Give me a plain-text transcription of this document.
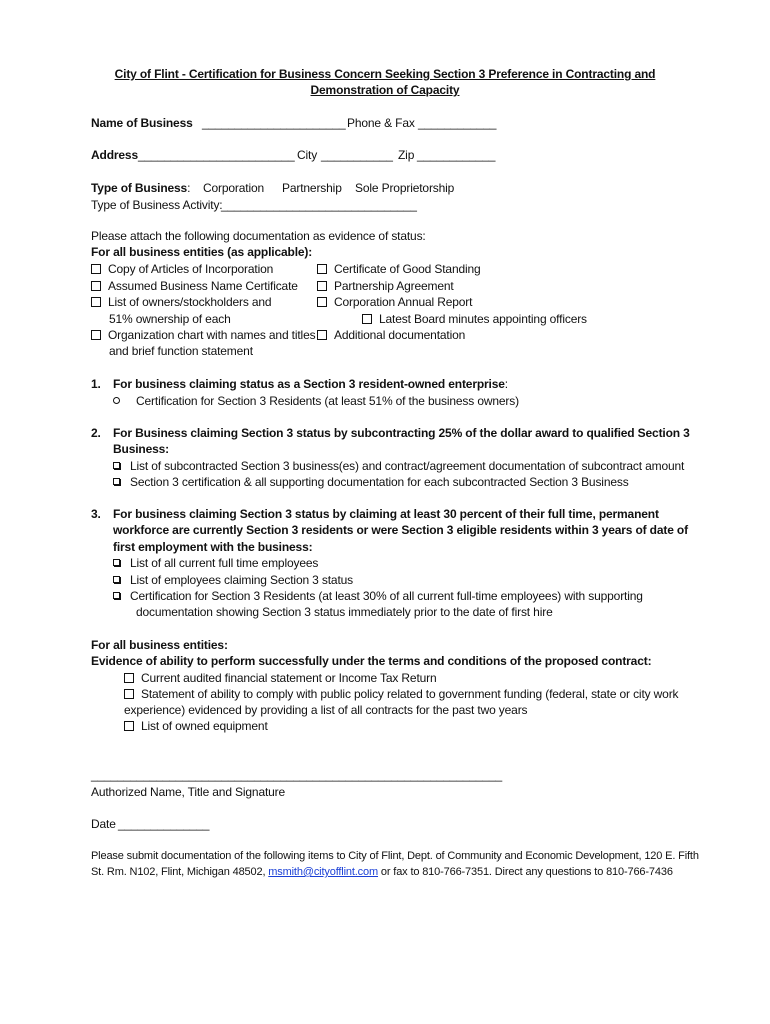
City of Flint - Certification for Business Concern Seeking Section 3 Preference in Contracting and
Demonstration of Capacity
Name of Business ______________________ Phone & Fax ____________
Address ________________________ City ___________ Zip ____________
Type of Business: Corporation Partnership Sole Proprietorship
Type of Business Activity:
______________________________
Please attach the following documentation as evidence of status:
For all business entities (as applicable):
Copy of Articles of Incorporation
Assumed Business Name Certificate
List of owners/stockholders and
51% ownership of each
Organization chart with names and titles
and brief function statement
Certificate of Good Standing
Partnership Agreement
Corporation Annual Report
Latest Board minutes appointing officers
Additional documentation
1. For business claiming status as a Section 3 resident-owned enterprise:
Certification for Section 3 Residents (at least 51% of the business owners)
2. For Business claiming Section 3 status by subcontracting 25% of the dollar award to qualified Section 3
Business:
List of subcontracted Section 3 business(es) and contract/agreement documentation of subcontract amount
Section 3 certification & all supporting documentation for each subcontracted Section 3 Business
3. For business claiming Section 3 status by claiming at least 30 percent of their full time, permanent
workforce are currently Section 3 residents or were Section 3 eligible residents within 3 years of date of
first employment with the business:
List of all current full time employees
List of employees claiming Section 3 status
Certification for Section 3 Residents (at least 30% of all current full-time employees) with supporting
documentation showing Section 3 status immediately prior to the date of first hire
For all business entities:
Evidence of ability to perform successfully under the terms and conditions of the proposed contract:
Current audited financial statement or Income Tax Return
Statement of ability to comply with public policy related to government funding (federal, state or city work
experience) evidenced by providing a list of all contracts for the past two years
List of owned equipment
_______________________________________________________________
Authorized Name, Title and Signature
Date ______________
Please submit documentation of the following items to City of Flint, Dept. of Community and Economic Development, 120 E. Fifth
St. Rm. N102, Flint, Michigan 48502, msmith@cityofflint.com or fax to 810-766-7351. Direct any questions to 810-766-7436
